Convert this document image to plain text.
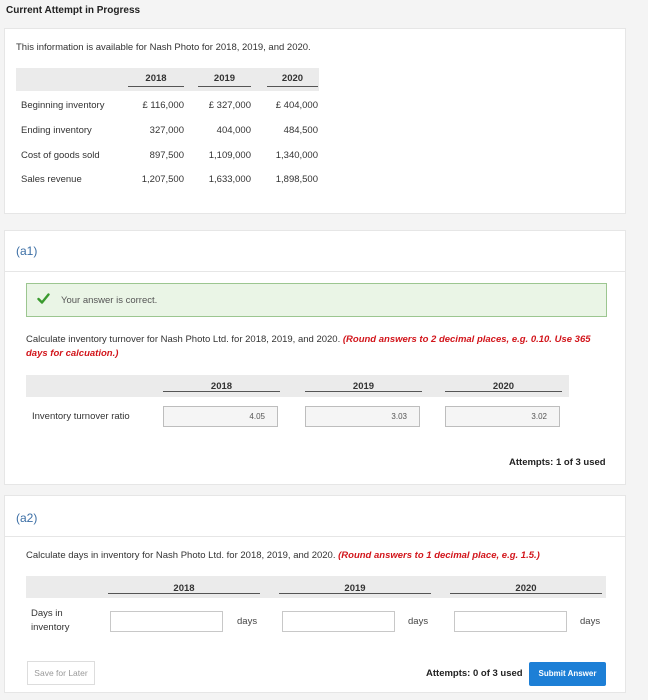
Current Attempt in Progress
This information is available for Nash Photo for 2018, 2019, and 2020.
2018	2019	2020
Beginning inventory	£ 116,000	£ 327,000	£ 404,000
Ending inventory	327,000	404,000	484,500
Cost of goods sold	897,500	1,109,000	1,340,000
Sales revenue	1,207,500	1,633,000	1,898,500
(a1)
Your answer is correct.
Calculate inventory turnover for Nash Photo Ltd. for 2018, 2019, and 2020. (Round answers to 2 decimal places, e.g. 0.10. Use 365 days for calcuation.)
2018	2019	2020
Inventory turnover ratio	4.05	3.03	3.02
Attempts: 1 of 3 used
(a2)
Calculate days in inventory for Nash Photo Ltd. for 2018, 2019, and 2020. (Round answers to 1 decimal place, e.g. 1.5.)
2018	2019	2020
Days in
inventory
days	days	days
Save for Later	Attempts: 0 of 3 used	Submit Answer
